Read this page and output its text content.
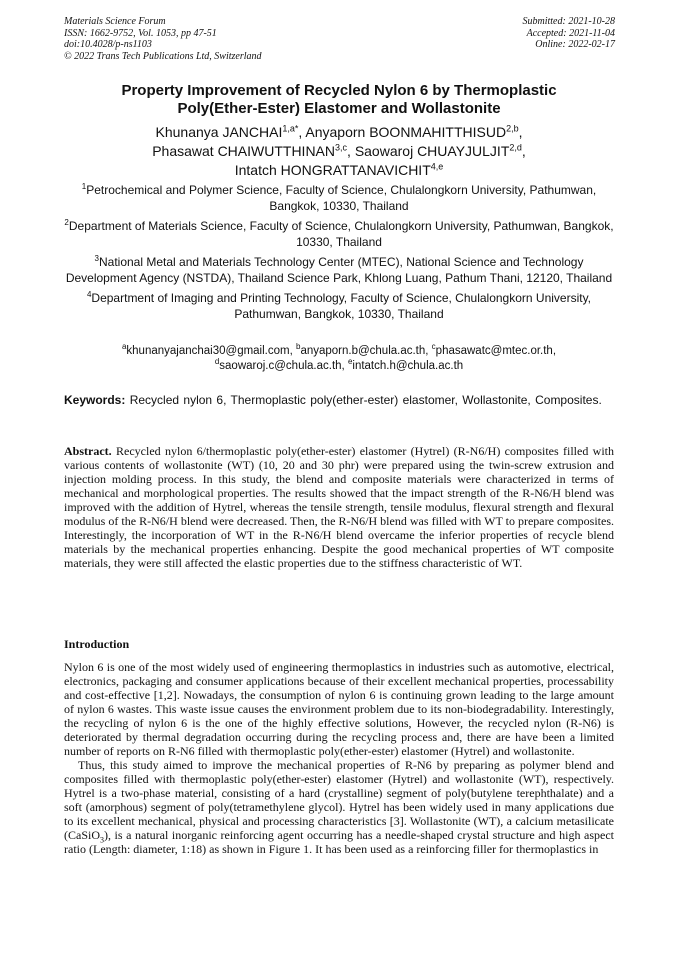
Materials Science Forum
ISSN: 1662-9752, Vol. 1053, pp 47-51
doi:10.4028/p-ns1103
© 2022 Trans Tech Publications Ltd, Switzerland
Submitted: 2021-10-28
Accepted: 2021-11-04
Online: 2022-02-17
Property Improvement of Recycled Nylon 6 by Thermoplastic
Poly(Ether-Ester) Elastomer and Wollastonite
Khunanya $JANCHAI^{1,a*}$, Anyaporn BOONMAHITTHISUD$^{2,b}$,
Phasawat CHAIWUTTHINAN$^{3,c}$, Saowaroj CHUAYJULJIT$^{2,d}$,
Intatch HONGRATTANAVICHIT$^{4,e}$
$^1$Petrochemical and Polymer Science, Faculty of Science, Chulalongkorn University, Pathumwan, Bangkok, 10330, Thailand
$^2$Department of Materials Science, Faculty of Science, Chulalongkorn University, Pathumwan, Bangkok, 10330, Thailand
$^3$National Metal and Materials Technology Center (MTEC), National Science and Technology Development Agency (NSTDA), Thailand Science Park, Khlong Luang, Pathum Thani, 12120, Thailand
$^4$Department of Imaging and Printing Technology, Faculty of Science, Chulalongkorn University, Pathumwan, Bangkok, 10330, Thailand
$^a$khunanyajanchai30@gmail.com, $^b$anyaporn.b@chula.ac.th, $^c$phasawatc@mtec.or.th,
$^d$saowaroj.c@chula.ac.th, $^e$intatch.h@chula.ac.th
Keywords: Recycled nylon 6, Thermoplastic poly(ether-ester) elastomer, Wollastonite, Composites.
Abstract. Recycled nylon 6/thermoplastic poly(ether-ester) elastomer (Hytrel) (R-N6/H) composites filled with various contents of wollastonite (WT) (10, 20 and 30 phr) were prepared using the twin-screw extrusion and injection molding process. In this study, the blend and composite materials were characterized in terms of mechanical and morphological properties. The results showed that the impact strength of the R-N6/H blend was improved with the addition of Hytrel, whereas the tensile strength, tensile modulus, flexural strength and flexural modulus of the R-N6/H blend were decreased. Then, the R-N6/H blend was filled with WT to prepare composites. Interestingly, the incorporation of WT in the R-N6/H blend overcame the inferior properties of recycle blend materials by the mechanical properties enhancing. Despite the good mechanical properties of WT composite materials, they were still affected the elastic properties due to the stiffness characteristic of WT.
Introduction

Nylon 6 is one of the most widely used of engineering thermoplastics in industries such as automotive, electrical, electronics, packaging and consumer applications because of their excellent mechanical properties, processability and cost-effective [1,2]. Nowadays, the consumption of nylon 6 is continuing grown leading to the large amount of nylon 6 wastes. This waste issue causes the environment problem due to its non-biodegradability. Interestingly, the recycling of nylon 6 is the one of the highly effective solutions, However, the recycled nylon (R-N6) is deteriorated by thermal degradation occurring during the recycling process and, there are have been a limited number of reports on R-N6 filled with thermoplastic poly(ether-ester) elastomer (Hytrel) and wollastonite.

Thus, this study aimed to improve the mechanical properties of R-N6 by preparing as polymer blend and composites filled with thermoplastic poly(ether-ester) elastomer (Hytrel) and wollastonite (WT), respectively. Hytrel is a two-phase material, consisting of a hard (crystalline) segment of poly(butylene terephthalate) and a soft (amorphous) segment of poly(tetramethylene glycol). Hytrel has been widely used in many applications due to its excellent mechanical, physical and processing characteristics [3]. Wollastonite (WT), a calcium metasilicate (CaSiO$_3$), is a natural inorganic reinforcing agent occurring has a needle-shaped crystal structure and high aspect ratio (Length: diameter, 1:18) as shown in Figure 1. It has been used as a reinforcing filler for thermoplastics in
